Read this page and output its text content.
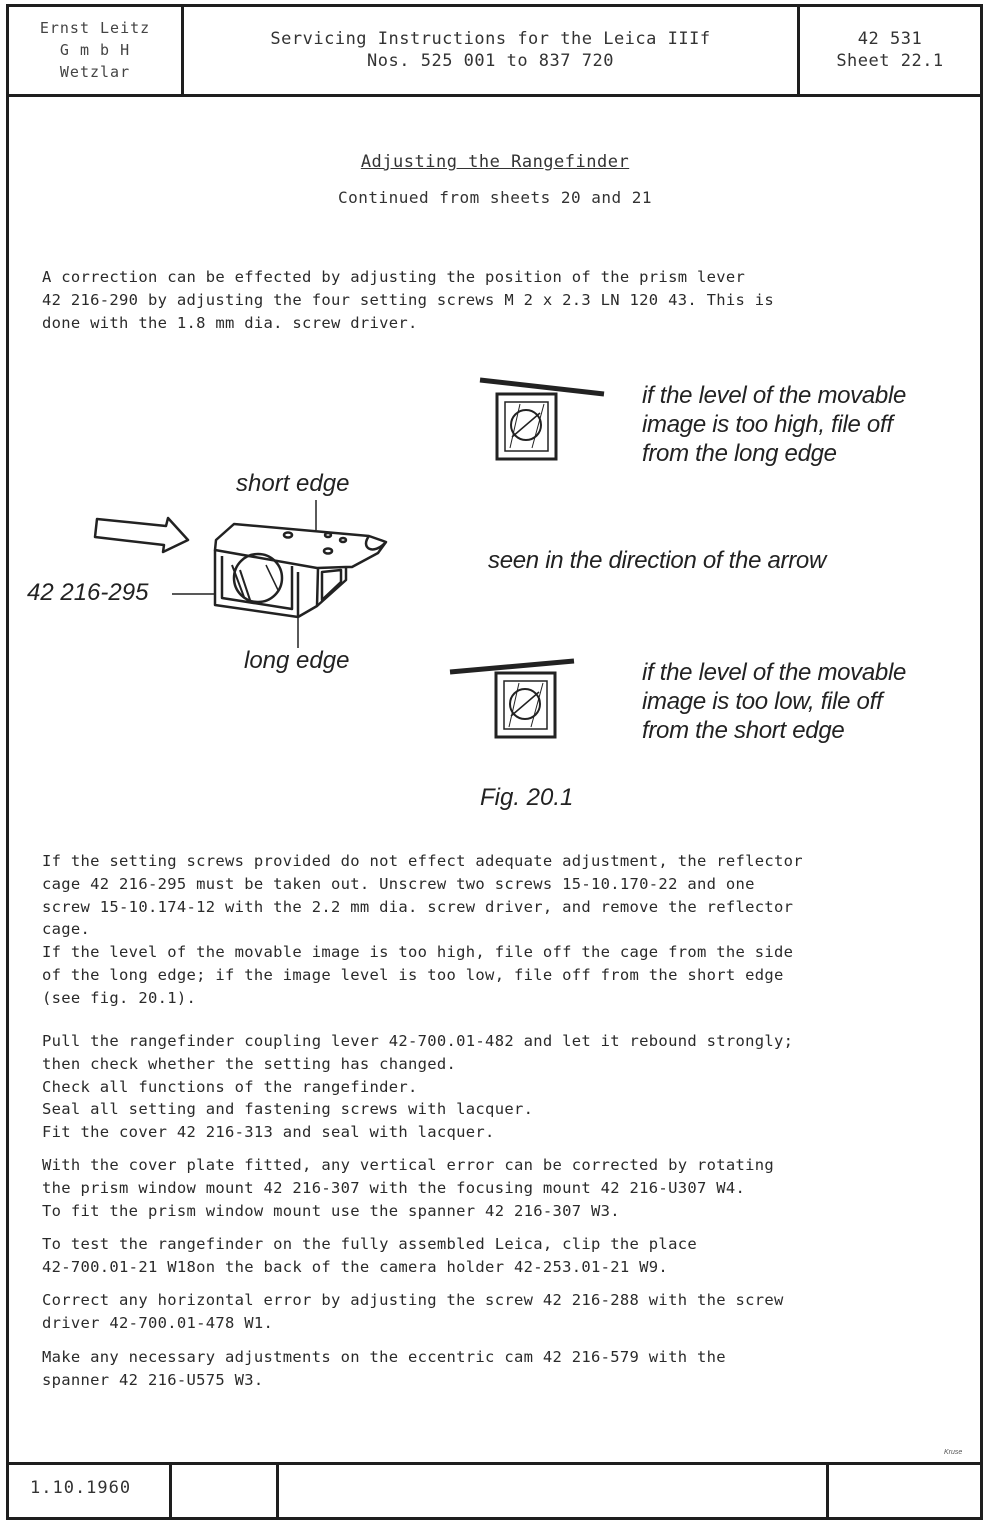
Ernst Leitz
G m b H
Wetzlar
Servicing Instructions for the Leica IIIf
Nos. 525 001 to 837 720
42 531
Sheet 22.1
Adjusting the Rangefinder
Continued from sheets 20 and 21
A correction can be effected by adjusting the position of the prism lever
42 216-290 by adjusting the four setting screws M 2 x 2.3 LN 120 43. This is
done with the 1.8 mm dia. screw driver.
short edge
long edge
42 216-295
if the level of the movable
image is too high, file off
from the long edge
seen in the direction of the arrow
if the level of the movable
image is too low, file off
from the short edge
Fig. 20.1
If the setting screws provided do not effect adequate adjustment, the reflector
cage 42 216-295 must be taken out. Unscrew two screws 15-10.170-22 and one
screw 15-10.174-12 with the 2.2 mm dia. screw driver, and remove the reflector
cage.
If the level of the movable image is too high, file off the cage from the side
of the long edge; if the image level is too low, file off from the short edge
(see fig. 20.1).
Pull the rangefinder coupling lever 42-700.01-482 and let it rebound strongly;
then check whether the setting has changed.
Check all functions of the rangefinder.
Seal all setting and fastening screws with lacquer.
Fit the cover 42 216-313 and seal with lacquer.
With the cover plate fitted, any vertical error can be corrected by rotating
the prism window mount 42 216-307 with the focusing mount 42 216-U307 W4.
To fit the prism window mount use the spanner 42 216-307 W3.
To test the rangefinder on the fully assembled Leica, clip the place
42-700.01-21 W18on the back of the camera holder 42-253.01-21 W9.
Correct any horizontal error by adjusting the screw 42 216-288 with the screw
driver 42-700.01-478 W1.
Make any necessary adjustments on the eccentric cam 42 216-579 with the
spanner 42 216-U575 W3.
Kruse
1.10.1960
